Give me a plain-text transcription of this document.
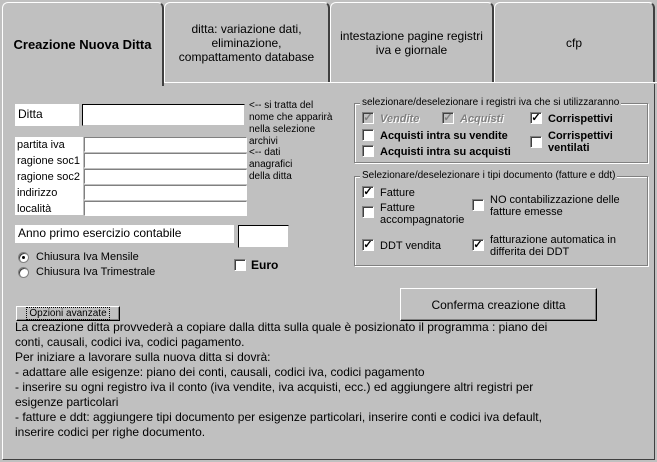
Creazione Nuova Ditta
ditta: variazione dati, eliminazione, compattamento database
intestazione pagine registri iva e giornale	cfp
Ditta
<-- si tratta del nome che apparirà nella selezione archivi
partita iva
ragione soc1
ragione soc2
indirizzo
località
<-- dati anagrafici della ditta
Anno primo esercizio contabile
Chiusura Iva Mensile
Chiusura Iva Trimestrale	Euro
selezionare/deselezionare i registri iva che si utilizzaranno
✓ Vendite ✓ Acquisti	✓ Corrispettivi
Acquisti intra su vendite	Corrispettivi ventilati
Acquisti intra su acquisti
Selezionare/deselezionare i tipi documento (fatture e ddt)
✓ Fatture
Fatture accompagnatorie
NO contabilizzazione delle fatture emesse
✓ DDT vendita	✓ fatturazione automatica in differita dei DDT
Opzioni avanzate
Conferma creazione ditta
La creazione ditta provvederà a copiare dalla ditta sulla quale è posizionato il programma : piano dei
conti, causali, codici iva, codici pagamento.
Per iniziare a lavorare sulla nuova ditta si dovrà:
- adattare alle esigenze: piano dei conti, causali, codici iva, codici pagamento
- inserire su ogni registro iva il conto (iva vendite, iva acquisti, ecc.) ed aggiungere altri registri per
esigenze particolari
- fatture e ddt: aggiungere tipi documento per esigenze particolari, inserire conti e codici iva default,
inserire codici per righe documento.
